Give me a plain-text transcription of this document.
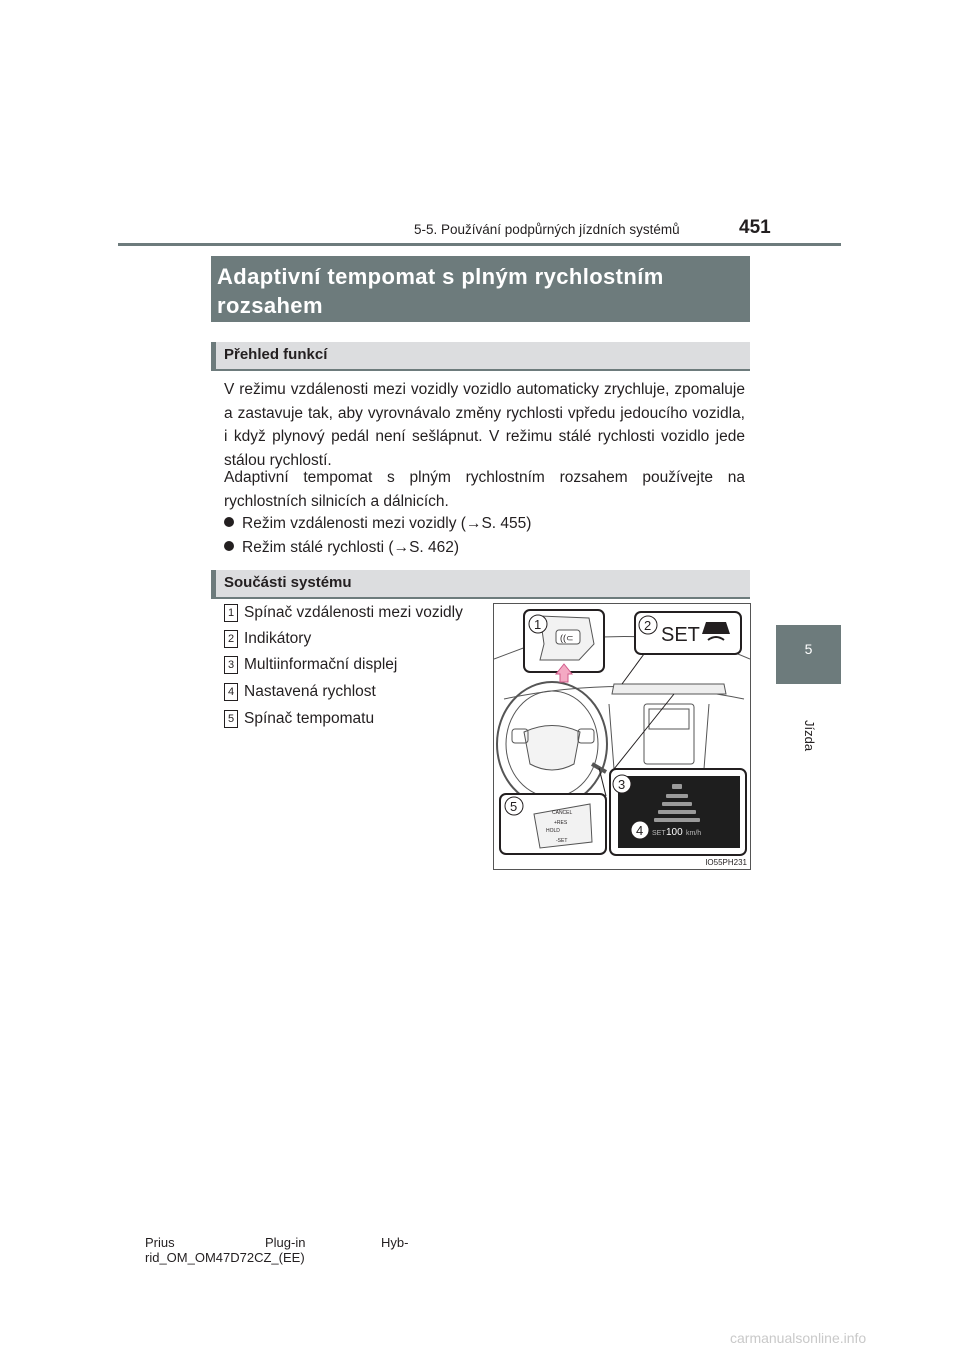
5-5. Používání podpůrných jízdních systémů	451
5
Jízda
Adaptivní tempomat s plným rychlostním rozsahem
Přehled funkcí
V režimu vzdálenosti mezi vozidly vozidlo automaticky zrychluje, zpomaluje a zastavuje tak, aby vyrovnávalo změny rychlosti vpředu jedoucího vozidla, i když plynový pedál není sešlápnut. V režimu stálé rychlosti vozidlo jede stálou rychlostí.
Adaptivní tempomat s plným rychlostním rozsahem používejte na rychlostních silnicích a dálnicích.
Režim vzdálenosti mezi vozidly (→S. 455)
Režim stálé rychlosti (→S. 462)
Součásti systému
1 Spínač vzdálenosti mezi vozidly
2 Indikátory
3 Multiinformační displej
4 Nastavená rychlost
5 Spínač tempomatu
((⊂
1	2 SET
SET 100 km/h
3
4
CANCEL
+RES
HOLD
-SET
5
IO55PH231
Prius	Plug-in	Hyb-
rid_OM_OM47D72CZ_(EE)
carmanualsonline.info
